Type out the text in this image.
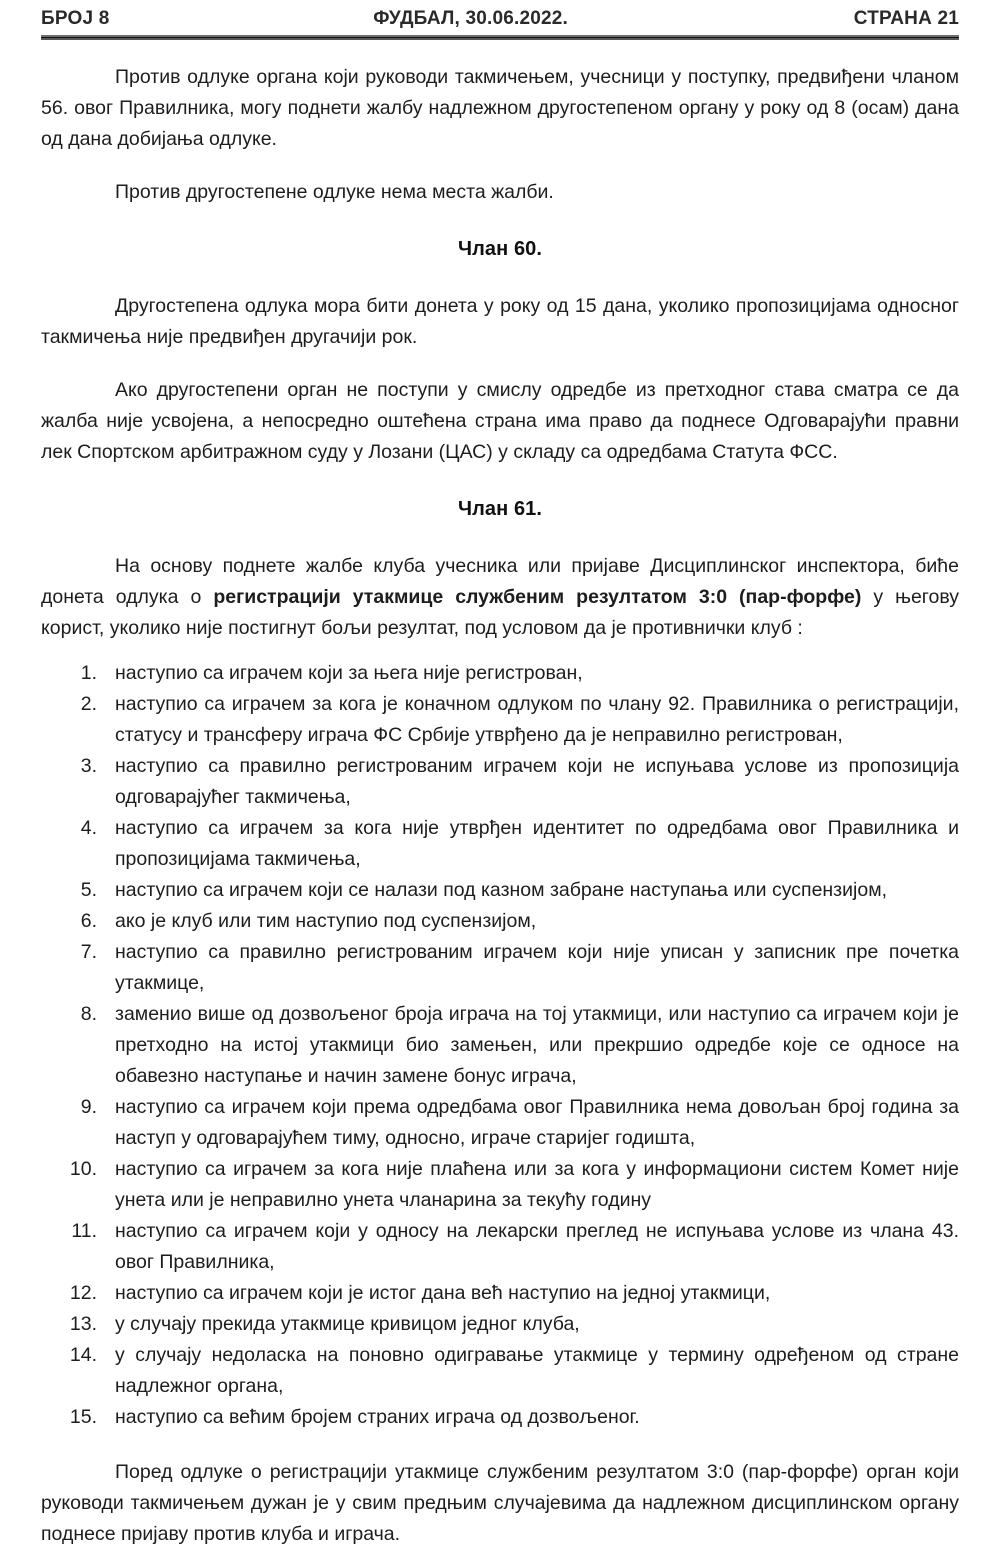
БРОЈ 8	ФУДБАЛ, 30.06.2022.	СТРАНА 21

Против одлуке органа који руководи такмичењем, учесници у поступку, предвиђени чланом 56. овог Правилника, могу поднети жалбу надлежном другостепеном органу у року од 8 (осам) дана од дана добијања одлуке.

Против другостепене одлуке нема места жалби.

Члан 60.

Другостепена одлука мора бити донета у року од 15 дана, уколико пропозицијама односног такмичења није предвиђен другачији рок.

Ако другостепени орган не поступи у смислу одредбе из претходног става сматра се да жалба није усвојена, а непосредно оштећена страна има право да поднесе Одговарајући правни лек Спортском арбитражном суду у Лозани (ЦАС) у складу са одредбама Статута ФСС.

Члан 61.

На основу поднете жалбе клуба учесника или пријаве Дисциплинског инспектора, биће донета одлука о регистрацији утакмице службеним резултатом 3:0 (пар-форфе) у његову корист, уколико није постигнут бољи резултат, под условом да је противнички клуб :

1. наступио са играчем који за њега није регистрован,
2. наступио са играчем за кога је коначном одлуком по члану 92. Правилника о регистрацији, статусу и трансферу играча ФС Србије утврђено да је неправилно регистрован,
3. наступио са правилно регистрованим играчем који не испуњава услове из пропозиција одговарајућег такмичења,
4. наступио са играчем за кога није утврђен идентитет по одредбама овог Правилника и пропозицијама такмичења,
5. наступио са играчем који се налази под казном забране наступања или суспензијом,
6. ако је клуб или тим наступио под суспензијом,
7. наступио са правилно регистрованим играчем који није уписан у записник пре почетка утакмице,
8. заменио више од дозвољеног броја играча на тој утакмици, или наступио са играчем који је претходно на истој утакмици био замењен, или прекршио одредбе које се односе на обавезно наступање и начин замене бонус играча,
9. наступио са играчем који према одредбама овог Правилника нема довољан број година за наступ у одговарајућем тиму, односно, играче старијег годишта,
10. наступио са играчем за кога није плаћена или за кога у информациони систем Комет није унета или је неправилно унета чланарина за текућу годину
11. наступио са играчем који у односу на лекарски преглед не испуњава услове из члана 43. овог Правилника,
12. наступио са играчем који је истог дана већ наступио на једној утакмици,
13. у случају прекида утакмице кривицом једног клуба,
14. у случају недоласка на поновно одигравање утакмице у термину одређеном од стране надлежног органа,
15. наступио са већим бројем страних играча од дозвољеног.

Поред одлуке о регистрацији утакмице службеним резултатом 3:0 (пар-форфе) орган који руководи такмичењем дужан је у свим предњим случајевима да надлежном дисциплинском органу поднесе пријаву против клуба и играча.
